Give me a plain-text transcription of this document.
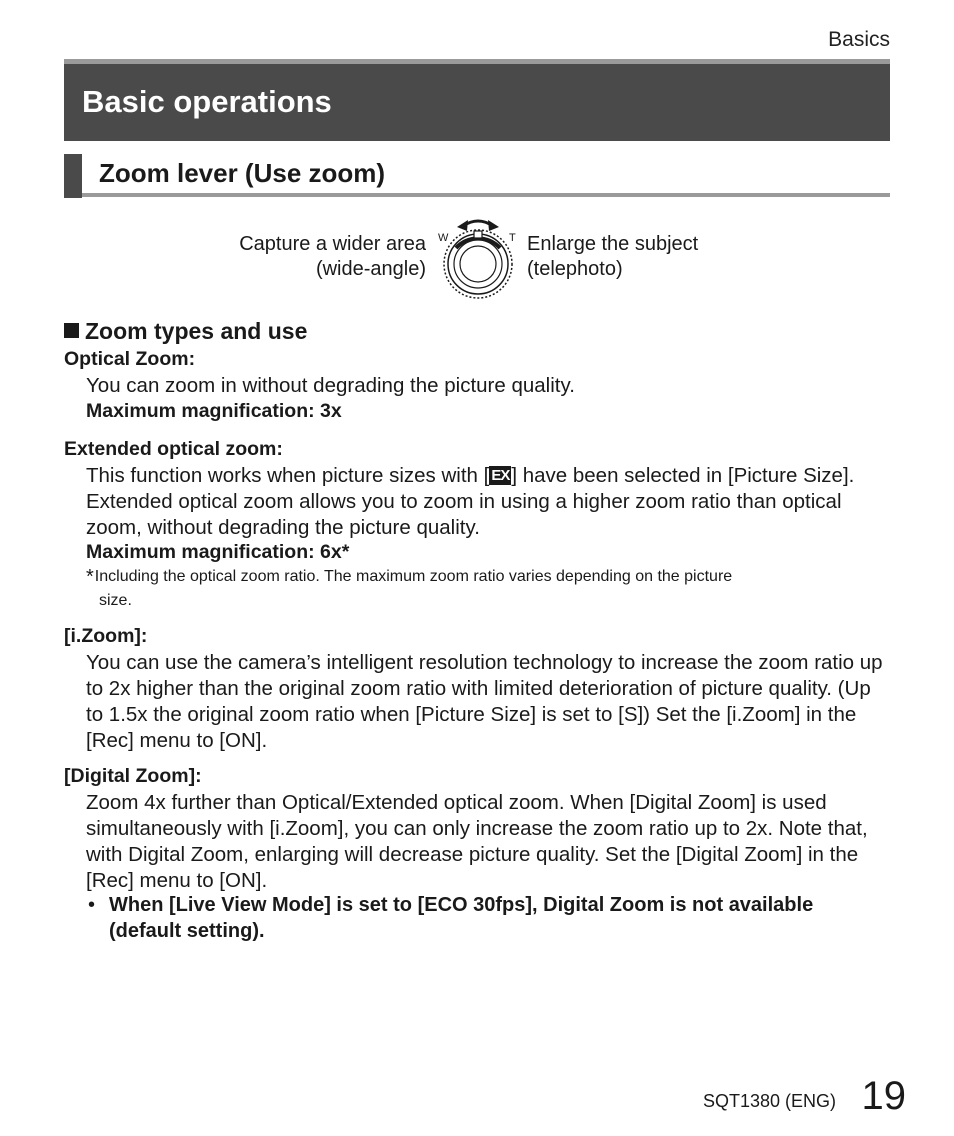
Basics
Basic operations
Zoom lever (Use zoom)
Capture a wider area
(wide-angle)
W	T Enlarge the subject
(telephoto)
Zoom types and use
Optical Zoom:
You can zoom in without degrading the picture quality.
Maximum magnification: 3x
Extended optical zoom:
This function works when picture sizes with [ EX] have been selected in [Picture Size]. Extended optical zoom allows you to zoom in using a higher zoom ratio than optical zoom, without degrading the picture quality.
Maximum magnification: 6x*
*Including the optical zoom ratio. The maximum zoom ratio varies depending on the picture
size.
[i.Zoom]:
You can use the camera’s intelligent resolution technology to increase the zoom ratio up to 2x higher than the original zoom ratio with limited deterioration of picture quality. (Up to 1.5x the original zoom ratio when [Picture Size] is set to [S]) Set the [i.Zoom] in the [Rec] menu to [ON].
[Digital Zoom]:
Zoom 4x further than Optical/Extended optical zoom. When [Digital Zoom] is used simultaneously with [i.Zoom], you can only increase the zoom ratio up to 2x. Note that, with Digital Zoom, enlarging will decrease picture quality. Set the [Digital Zoom] in the [Rec] menu to [ON].
• When [Live View Mode] is set to [ECO 30fps], Digital Zoom is not available (default setting).
SQT1380 (ENG) 19
